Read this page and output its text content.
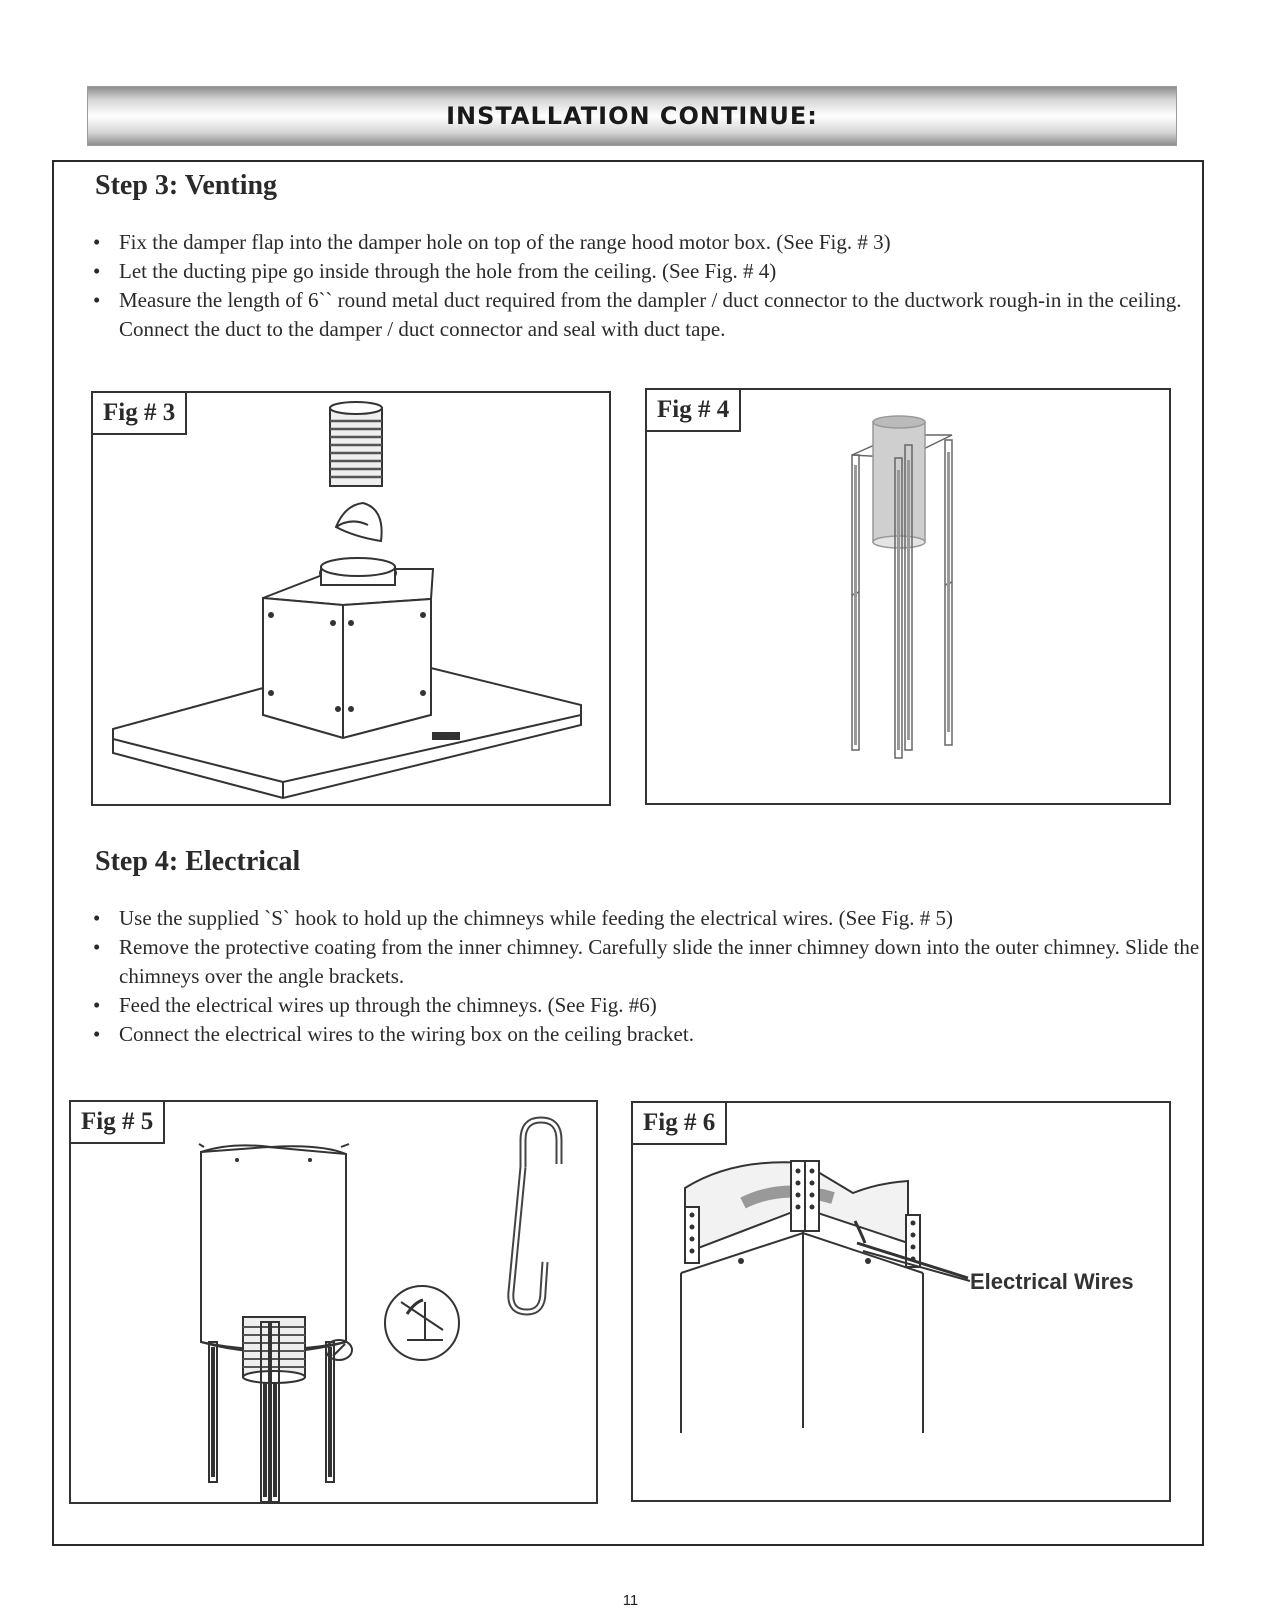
INSTALLATION CONTINUE:
Step 3: Venting
• Fix the damper flap into the damper hole on top of the range hood motor box. (See Fig. # 3)
• Let the ducting pipe go inside through the hole from the ceiling. (See Fig. # 4)
• Measure the length of 6`` round metal duct required from the dampler / duct connector to the ductwork rough-in in the ceiling. Connect the duct to the damper / duct connector and seal with duct tape.
Fig # 3	Fig # 4
Step 4: Electrical
• Use the supplied `S` hook to hold up the chimneys while feeding the electrical wires. (See Fig. # 5)
• Remove the protective coating from the inner chimney. Carefully slide the inner chimney down into the outer chimney. Slide the chimneys over the angle brackets.
• Feed the electrical wires up through the chimneys. (See Fig. #6)
• Connect the electrical wires to the wiring box on the ceiling bracket.
Fig # 5
Electrical Wires
Fig # 6
11
